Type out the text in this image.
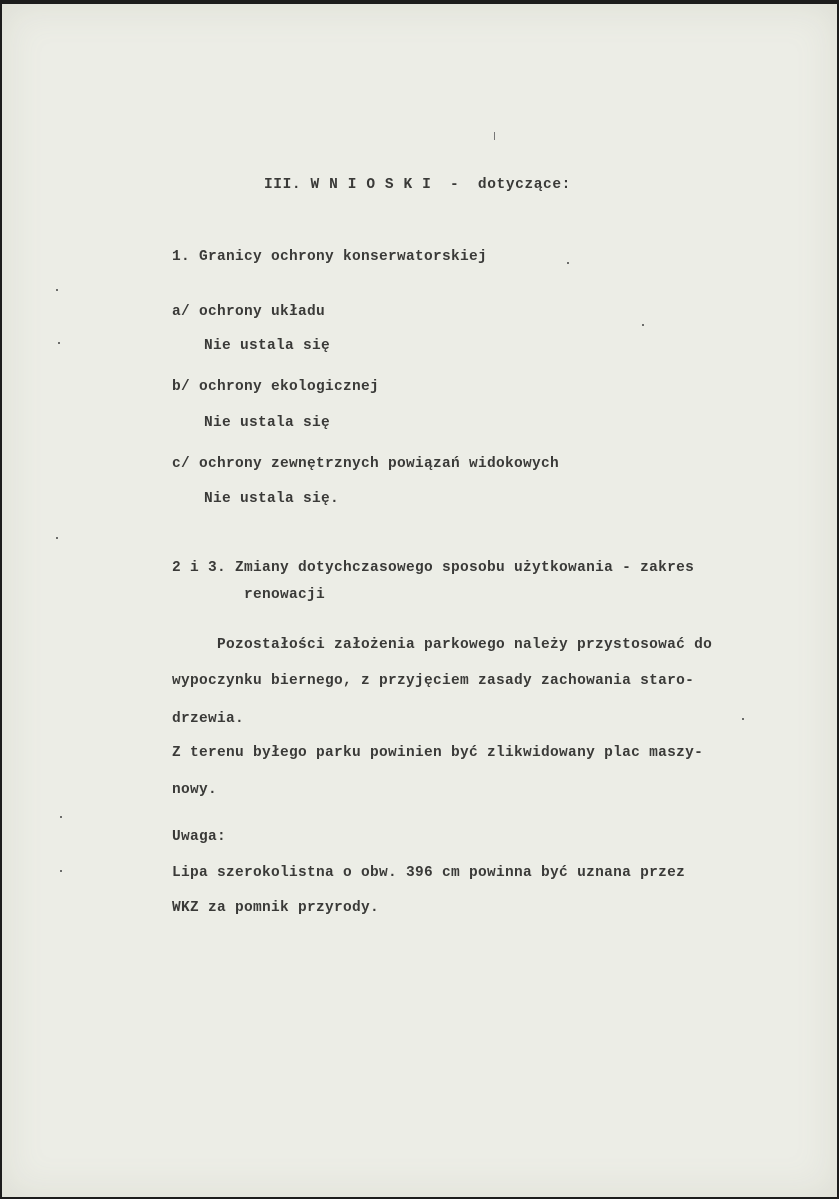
III. W N I O S K I  -  dotyczące:

1. Granicy ochrony konserwatorskiej

a/ ochrony układu

Nie ustala się

b/ ochrony ekologicznej

Nie ustala się

c/ ochrony zewnętrznych powiązań widokowych

Nie ustala się.

2 i 3. Zmiany dotychczasowego sposobu użytkowania - zakres

renowacji

Pozostałości założenia parkowego należy przystosować do

wypoczynku biernego, z przyjęciem zasady zachowania staro-

drzewia.

Z terenu byłego parku powinien być zlikwidowany plac maszy-

nowy.

Uwaga:

Lipa szerokolistna o obw. 396 cm powinna być uznana przez

WKZ za pomnik przyrody.
